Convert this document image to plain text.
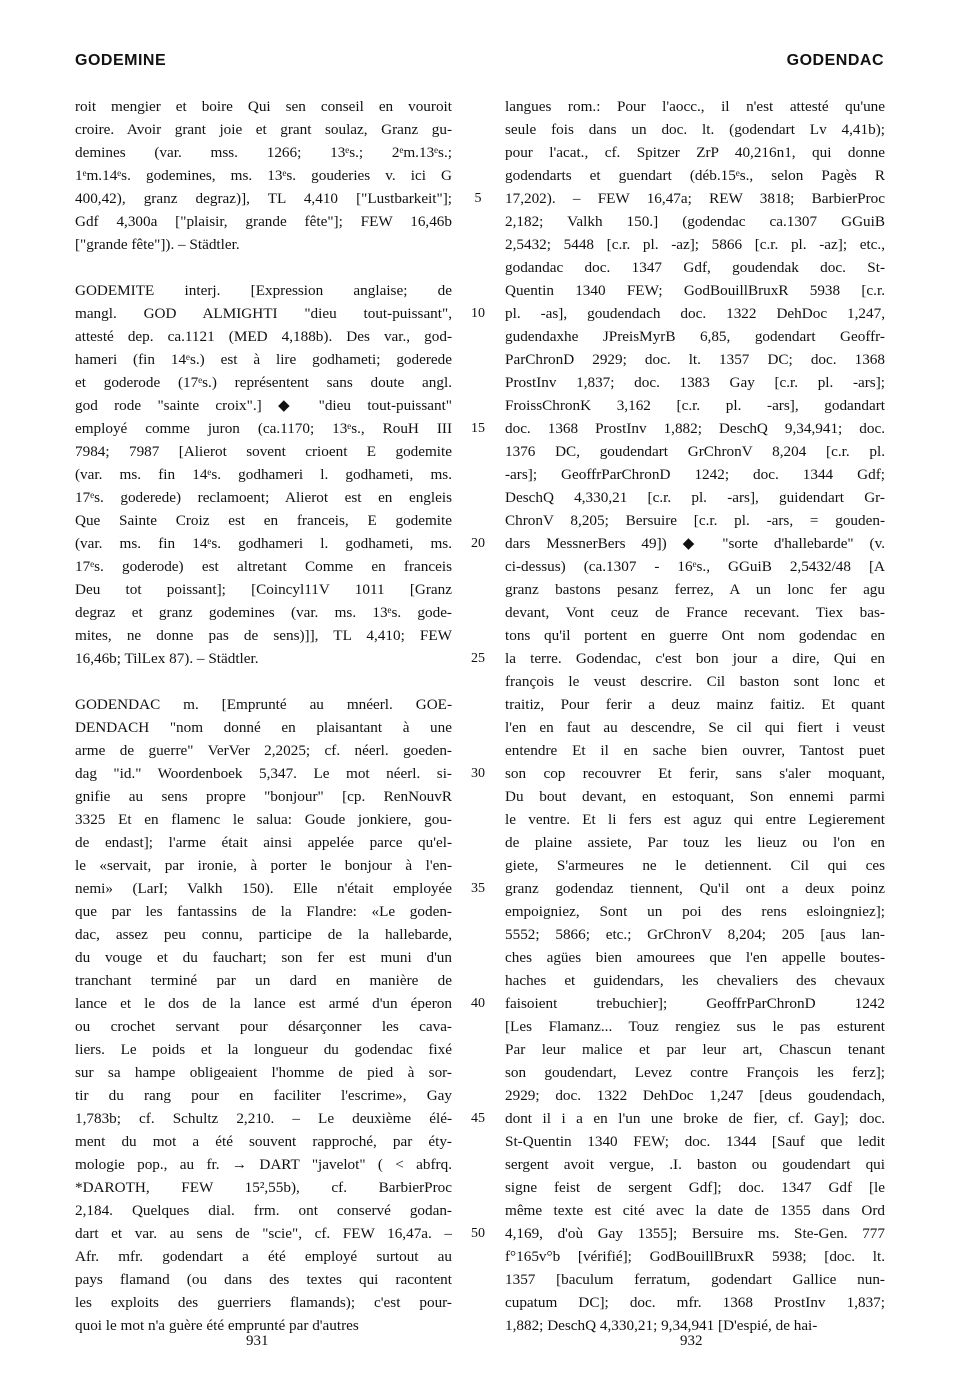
GODEMINE	GODENDAC
roit mengier et boire Qui sen conseil en vouroit
croire. Avoir grant joie et grant soulaz, Granz gu-
demines (var. mss. 1266; 13ᵉs.; 2ᵉm.13ᵉs.;
1ᵉm.14ᵉs. godemines, ms. 13ᵉs. gouderies v. ici G
400,42), granz degraz)], TL 4,410 ["Lustbarkeit"];
Gdf 4,300a ["plaisir, grande fête"]; FEW 16,46b
["grande fête"]). – Städtler.
GODEMITE interj. [Expression anglaise; de
mangl. GOD ALMIGHTI "dieu tout-puissant",
attesté dep. ca.1121 (MED 4,188b). Des var., god-
hameri (fin 14ᵉs.) est à lire godhameti; goderede
et goderode (17ᵉs.) représentent sans doute angl.
god rode "sainte croix".] ◆ "dieu tout-puissant"
employé comme juron (ca.1170; 13ᵉs., RouH III
7984; 7987 [Alierot sovent crioent E godemite
(var. ms. fin 14ᵉs. godhameri l. godhameti, ms.
17ᵉs. goderede) reclamoent; Alierot est en engleis
Que Sainte Croiz est en franceis, E godemite
(var. ms. fin 14ᵉs. godhameri l. godhameti, ms.
17ᵉs. goderode) est altretant Comme en franceis
Deu tot poissant]; [Coincyl11V 1011 [Granz
degraz et granz godemines (var. ms. 13ᵉs. gode-
mites, ne donne pas de sens)]], TL 4,410; FEW
16,46b; TilLex 87). – Städtler.
GODENDAC m. [Emprunté au mnéerl. GOE-
DENDACH "nom donné en plaisantant à une
arme de guerre" VerVer 2,2025; cf. néerl. goeden-
dag "id." Woordenboek 5,347. Le mot néerl. si-
gnifie au sens propre "bonjour" [cp. RenNouvR
3325 Et en flamenc le salua: Goude jonkiere, gou-
de endast]; l'arme était ainsi appelée parce qu'el-
le «servait, par ironie, à porter le bonjour à l'en-
nemi» (LarI; Valkh 150). Elle n'était employée
que par les fantassins de la Flandre: «Le goden-
dac, assez peu connu, participe de la hallebarde,
du vouge et du fauchart; son fer est muni d'un
tranchant terminé par un dard en manière de
lance et le dos de la lance est armé d'un éperon
ou crochet servant pour désarçonner les cava-
liers. Le poids et la longueur du godendac fixé
sur sa hampe obligeaient l'homme de pied à sor-
tir du rang pour en faciliter l'escrime», Gay
1,783b; cf. Schultz 2,210. – Le deuxième élé-
ment du mot a été souvent rapproché, par éty-
mologie pop., au fr. → DART "javelot" ( < abfrq.
*DAROTH, FEW 15²,55b), cf. BarbierProc
2,184. Quelques dial. frm. ont conservé godan-
dart et var. au sens de "scie", cf. FEW 16,47a. –
Afr. mfr. godendart a été employé surtout au
pays flamand (ou dans des textes qui racontent
les exploits des guerriers flamands); c'est pour-
quoi le mot n'a guère été emprunté par d'autres
5
10
15
20
25
30
35
40
45
50
langues rom.: Pour l'aocc., il n'est attesté qu'une
seule fois dans un doc. lt. (godendart Lv 4,41b);
pour l'acat., cf. Spitzer ZrP 40,216n1, qui donne
godendarts et guendart (déb.15ᵉs., selon Pagès R
17,202). – FEW 16,47a; REW 3818; BarbierProc
2,182; Valkh 150.] (godendac ca.1307 GGuiB
2,5432; 5448 [c.r. pl. -az]; 5866 [c.r. pl. -az]; etc.,
godandac doc. 1347 Gdf, goudendak doc. St-
Quentin 1340 FEW; GodBouillBruxR 5938 [c.r.
pl. -as], goudendach doc. 1322 DehDoc 1,247,
gudendaxhe JPreisMyrB 6,85, godendart Geoffr-
ParChronD 2929; doc. lt. 1357 DC; doc. 1368
ProstInv 1,837; doc. 1383 Gay [c.r. pl. -ars];
FroissChronK 3,162 [c.r. pl. -ars], godandart
doc. 1368 ProstInv 1,882; DeschQ 9,34,941; doc.
1376 DC, goudendart GrChronV 8,204 [c.r. pl.
-ars]; GeoffrParChronD 1242; doc. 1344 Gdf;
DeschQ 4,330,21 [c.r. pl. -ars], guidendart Gr-
ChronV 8,205; Bersuire [c.r. pl. -ars, = gouden-
dars MessnerBers 49]) ◆ "sorte d'hallebarde" (v.
ci-dessus) (ca.1307 - 16ᵉs., GGuiB 2,5432/48 [A
granz bastons pesanz ferrez, A un lonc fer agu
devant, Vont ceuz de France recevant. Tiex bas-
tons qu'il portent en guerre Ont nom godendac en
la terre. Godendac, c'est bon jour a dire, Qui en
françois le veust descrire. Cil baston sont lonc et
traitiz, Pour ferir a deuz mainz faitiz. Et quant
l'en en faut au descendre, Se cil qui fiert i veust
entendre Et il en sache bien ouvrer, Tantost puet
son cop recouvrer Et ferir, sans s'aler moquant,
Du bout devant, en estoquant, Son ennemi parmi
le ventre. Et li fers est aguz qui entre Legierement
de plaine assiete, Par touz les lieuz ou l'on en
giete, S'armeures ne le detiennent. Cil qui ces
granz godendaz tiennent, Qu'il ont a deux poinz
empoigniez, Sont un poi des rens esloingniez];
5552; 5866; etc.; GrChronV 8,204; 205 [aus lan-
ches agües bien amourees que l'en appelle boutes-
haches et guidendars, les chevaliers des chevaux
faisoient trebuchier]; GeoffrParChronD 1242
[Les Flamanz... Touz rengiez sus le pas esturent
Par leur malice et par leur art, Chascun tenant
son goudendart, Levez contre François les ferz];
2929; doc. 1322 DehDoc 1,247 [deus goudendach,
dont il i a en l'un une broke de fier, cf. Gay]; doc.
St-Quentin 1340 FEW; doc. 1344 [Sauf que ledit
sergent avoit vergue, .I. baston ou goudendart qui
signe feist de sergent Gdf]; doc. 1347 Gdf [le
même texte est cité avec la date de 1355 dans Ord
4,169, d'où Gay 1355]; Bersuire ms. Ste-Gen. 777
f°165v°b [vérifié]; GodBouillBruxR 5938; [doc. lt.
1357 [baculum ferratum, godendart Gallice nun-
cupatum DC]; doc. mfr. 1368 ProstInv 1,837;
1,882; DeschQ 4,330,21; 9,34,941 [D'espié, de hai-
931	932
